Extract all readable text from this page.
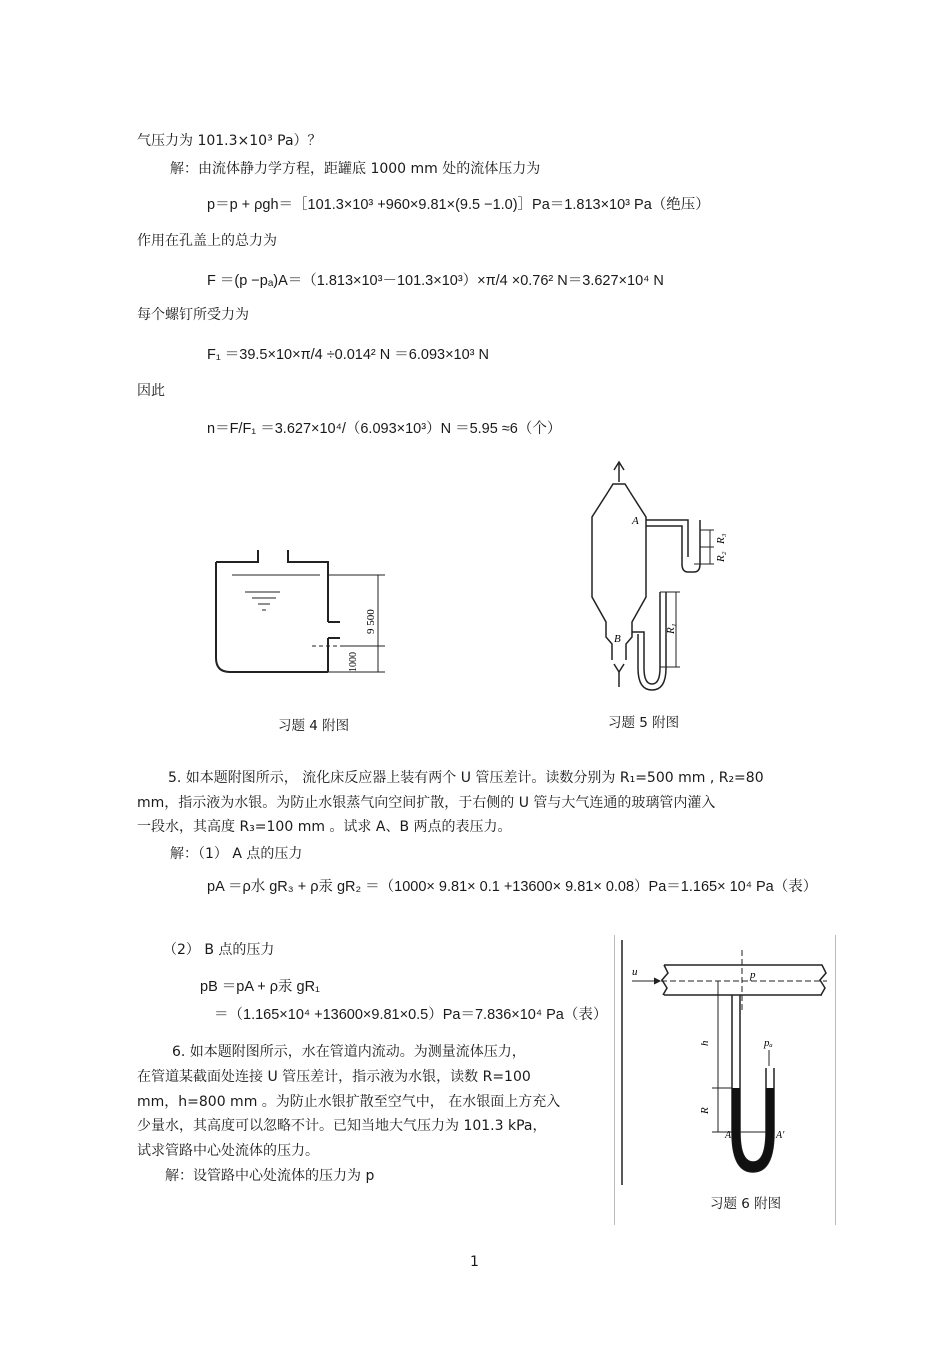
气压力为 101.3×10³ Pa）？
解：由流体静力学方程，距罐底 1000 mm 处的流体压力为
p＝p + ρgh＝［101.3×10³ +960×9.81×(9.5 −1.0)］Pa＝1.813×10³ Pa（绝压）
作用在孔盖上的总力为
F ＝(p −pₐ)A＝（1.813×10³－101.3×10³）×π/4 ×0.76² N＝3.627×10⁴ N
每个螺钉所受力为
F₁ ＝39.5×10×π/4 ÷0.014² N ＝6.093×10³ N
因此
n＝F/F₁ ＝3.627×10⁴/（6.093×10³）N ＝5.95 ≈6（个）
9 500
1000
习题 4 附图
A
B
R₁
R₂
R₃
习题 5 附图
5. 如本题附图所示， 流化床反应器上装有两个 U 管压差计。读数分别为 R₁=500 mm , R₂=80
mm，指示液为水银。为防止水银蒸气向空间扩散，于右侧的 U 管与大气连通的玻璃管内灌入
一段水，其高度 R₃=100 mm 。试求 A、B 两点的表压力。
解：（1） A 点的压力
pA ＝ρ水 gR₃ + ρ汞 gR₂ ＝（1000× 9.81× 0.1 +13600× 9.81× 0.08）Pa＝1.165× 10⁴ Pa（表）
（2） B 点的压力
pB ＝pA + ρ汞 gR₁
＝（1.165×10⁴ +13600×9.81×0.5）Pa＝7.836×10⁴ Pa（表）
u	p
pₐ
h
R
A	A′
习题 6 附图
6. 如本题附图所示，水在管道内流动。为测量流体压力，
在管道某截面处连接 U 管压差计，指示液为水银，读数 R=100
mm，h=800 mm 。为防止水银扩散至空气中， 在水银面上方充入
少量水，其高度可以忽略不计。已知当地大气压力为 101.3 kPa，
试求管路中心处流体的压力。
解：设管路中心处流体的压力为 p
1
